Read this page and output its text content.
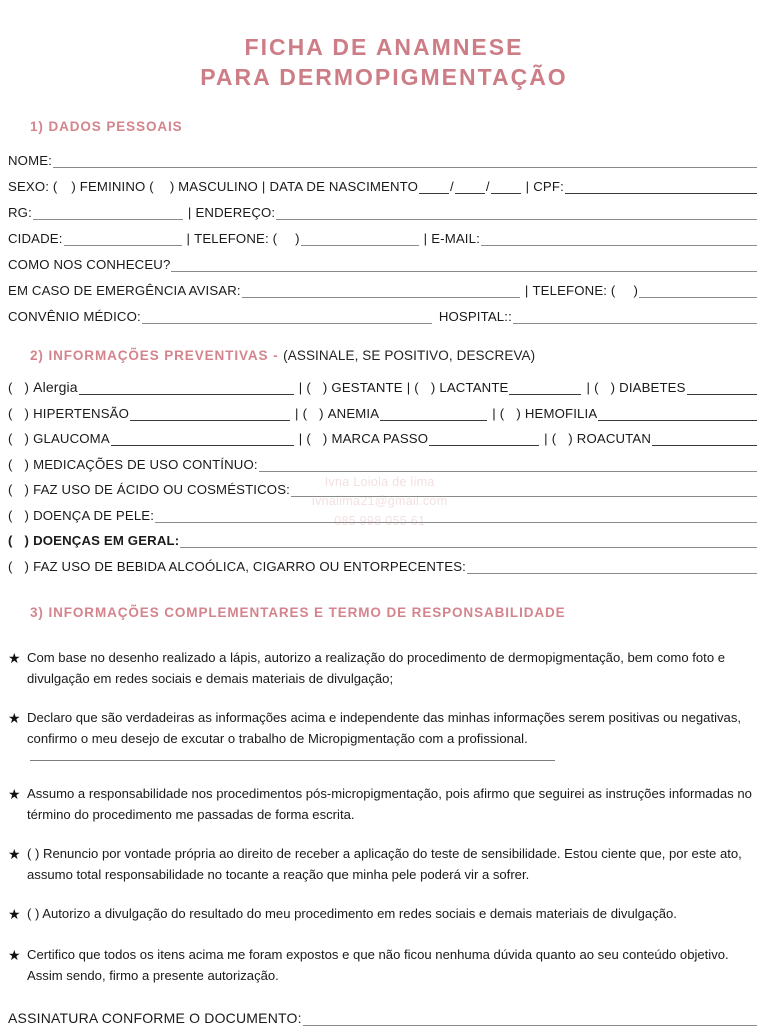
Ivna Loiola de lima
ivnalima21@gmail.com
085 998 055 61
FICHA DE ANAMNESE
PARA DERMOPIGMENTAÇÃO
1) DADOS PESSOAIS
NOME:
SEXO: ( ) FEMININO ( ) MASCULINO | DATA DE NASCIMENTO / /	| CPF:
RG:	| ENDEREÇO:
CIDADE:	| TELEFONE: ( )	| E-MAIL:
COMO NOS CONHECEU?
EM CASO DE EMERGÊNCIA AVISAR:	| TELEFONE: ( )
CONVÊNIO MÉDICO:	HOSPITAL::
2) INFORMAÇÕES PREVENTIVAS - (ASSINALE, SE POSITIVO, DESCREVA)
( ) Alergia	| ( ) GESTANTE | ( ) LACTANTE	| ( ) DIABETES
( ) HIPERTENSÃO	| ( ) ANEMIA	| ( ) HEMOFILIA
( ) GLAUCOMA	| ( ) MARCA PASSO	| ( ) ROACUTAN
( ) MEDICAÇÕES DE USO CONTÍNUO:
( ) FAZ USO DE ÁCIDO OU COSMÉSTICOS:
( ) DOENÇA DE PELE:
( ) DOENÇAS EM GERAL:
( ) FAZ USO DE BEBIDA ALCOÓLICA, CIGARRO OU ENTORPECENTES:
3) INFORMAÇÕES COMPLEMENTARES E TERMO DE RESPONSABILIDADE
★ Com base no desenho realizado a lápis, autorizo a realização do procedimento de dermopigmentação, bem como foto e divulgação em redes sociais e demais materiais de divulgação;
★ Declaro que são verdadeiras as informações acima e independente das minhas informações serem positivas ou negativas, confirmo o meu desejo de excutar o trabalho de Micropigmentação com a profissional.
★ Assumo a responsabilidade nos procedimentos pós-micropigmentação, pois afirmo que seguirei as instruções informadas no término do procedimento me passadas de forma escrita.
★ ( ) Renuncio por vontade própria ao direito de receber a aplicação do teste de sensibilidade. Estou ciente que, por este ato, assumo total responsabilidade no tocante a reação que minha pele poderá vir a sofrer.
★ ( ) Autorizo a divulgação do resultado do meu procedimento em redes sociais e demais materiais de divulgação.
★ Certifico que todos os itens acima me foram expostos e que não ficou nenhuma dúvida quanto ao seu conteúdo objetivo. Assim sendo, firmo a presente autorização.
ASSINATURA CONFORME O DOCUMENTO:
